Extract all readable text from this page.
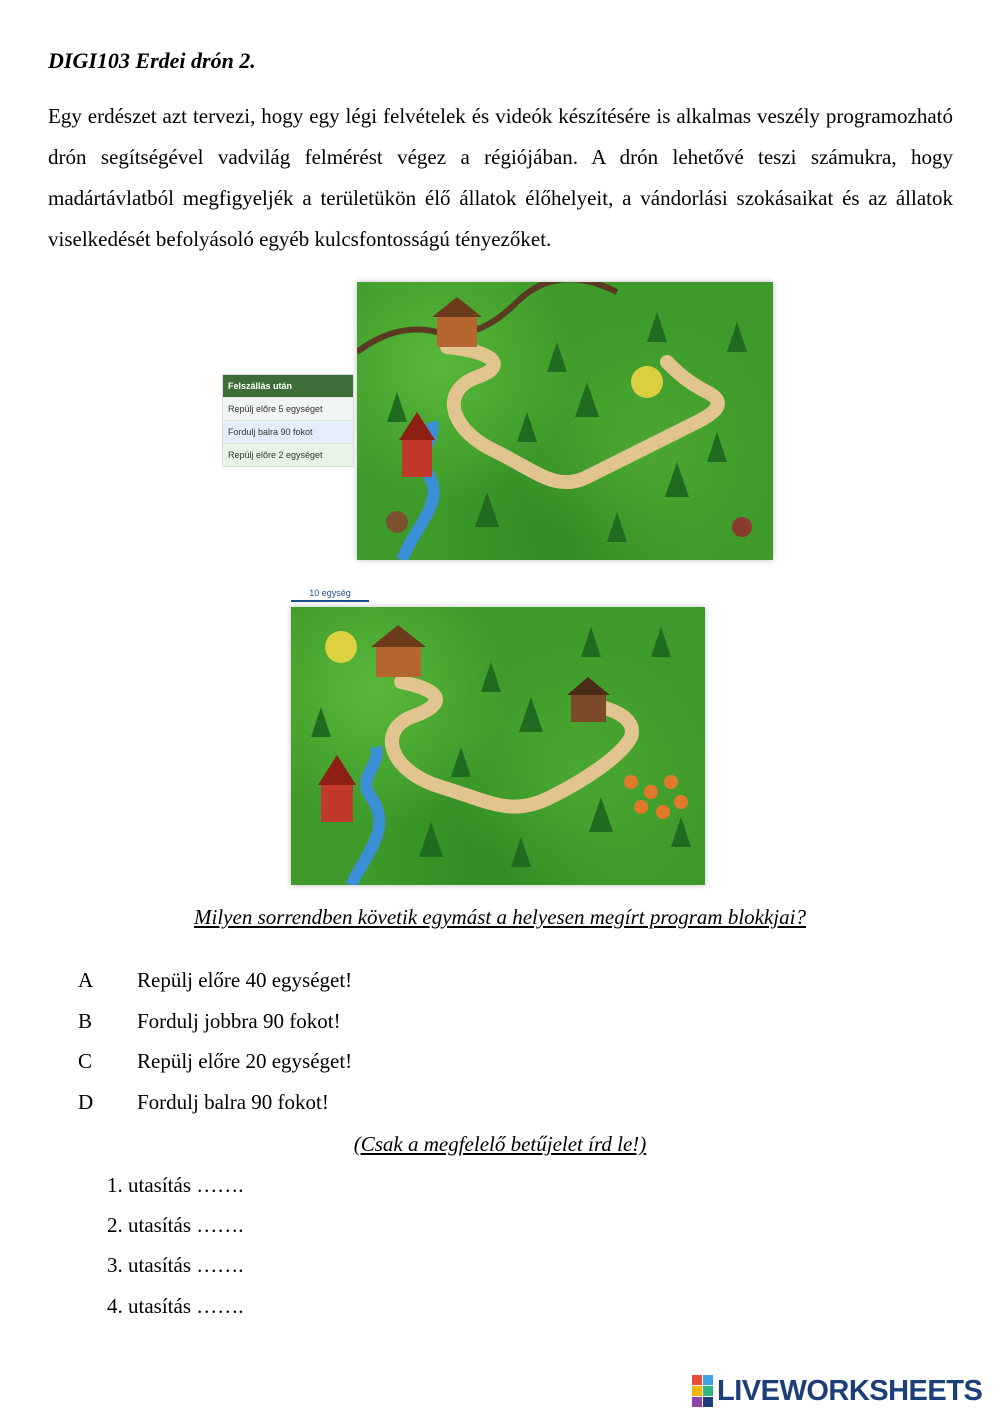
DIGI103 Erdei drón 2.
Egy erdészet azt tervezi, hogy egy légi felvételek és videók készítésére is alkalmas veszély programozható drón segítségével vadvilág felmérést végez a régiójában. A drón lehetővé teszi számukra, hogy madártávlatból megfigyeljék a területükön élő állatok élőhelyeit, a vándorlási szokásaikat és az állatok viselkedését befolyásoló egyéb kulcsfontosságú tényezőket.
Felszállás után
Repülj előre 5 egységet
Fordulj balra 90 fokot
Repülj előre 2 egységet
10 egység
Milyen sorrendben követik egymást a helyesen megírt program blokkjai?
A Repülj előre 40 egységet!
B Fordulj jobbra 90 fokot!
C Repülj előre 20 egységet!
D Fordulj balra 90 fokot!
(Csak a megfelelő betűjelet írd le!)
1. utasítás …….
2. utasítás …….
3. utasítás …….
4. utasítás …….
LIVEWORKSHEETS
